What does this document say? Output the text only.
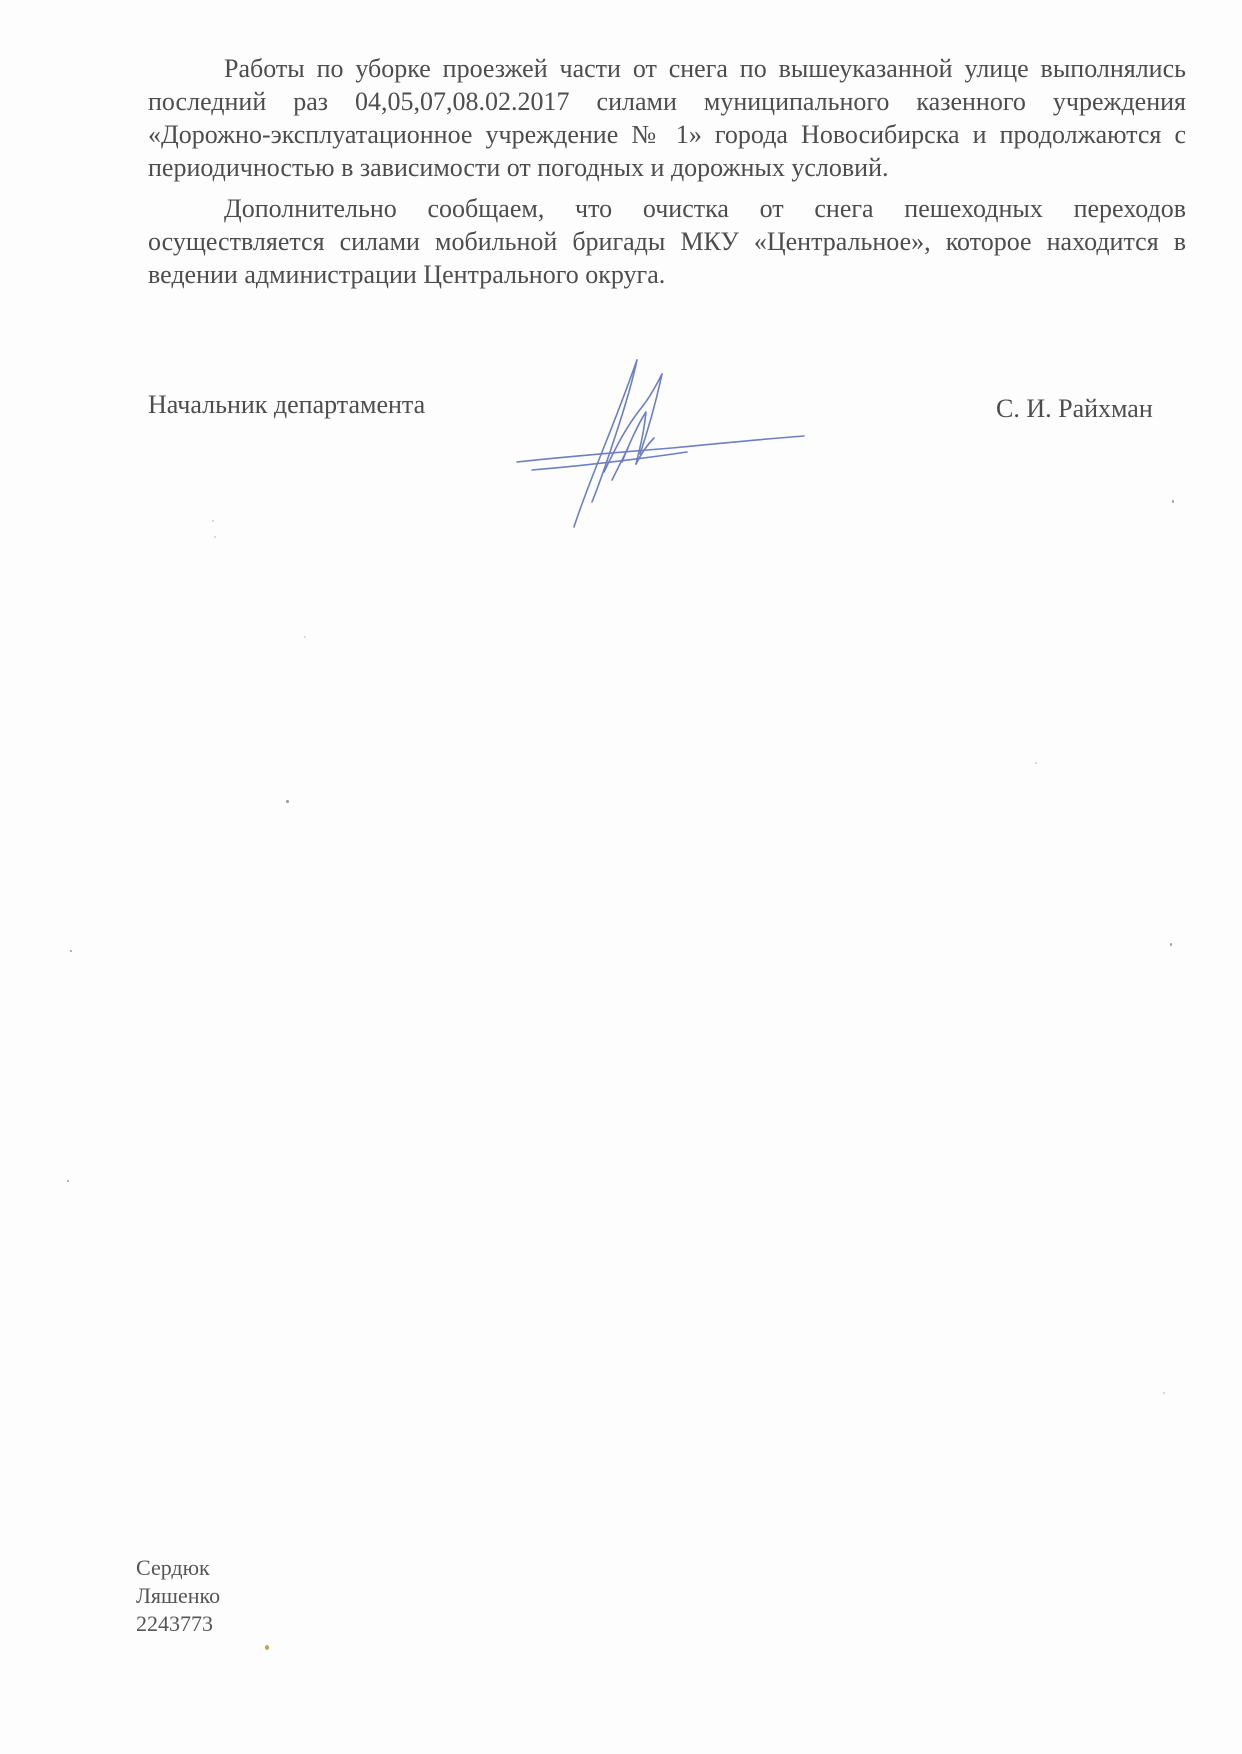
Работы по уборке проезжей части от снега по вышеуказанной улице выполнялись последний раз 04,05,07,08.02.2017 силами муниципального казенного учреждения «Дорожно-эксплуатационное учреждение № 1» города Новосибирска и продолжаются с периодичностью в зависимости от погодных и дорожных условий.

Дополнительно сообщаем, что очистка от снега пешеходных переходов осуществляется силами мобильной бригады МКУ «Центральное», которое находится в ведении администрации Центрального округа.

Начальник департамента	С. И. Райхман
Сердюк
Ляшенко
2243773
